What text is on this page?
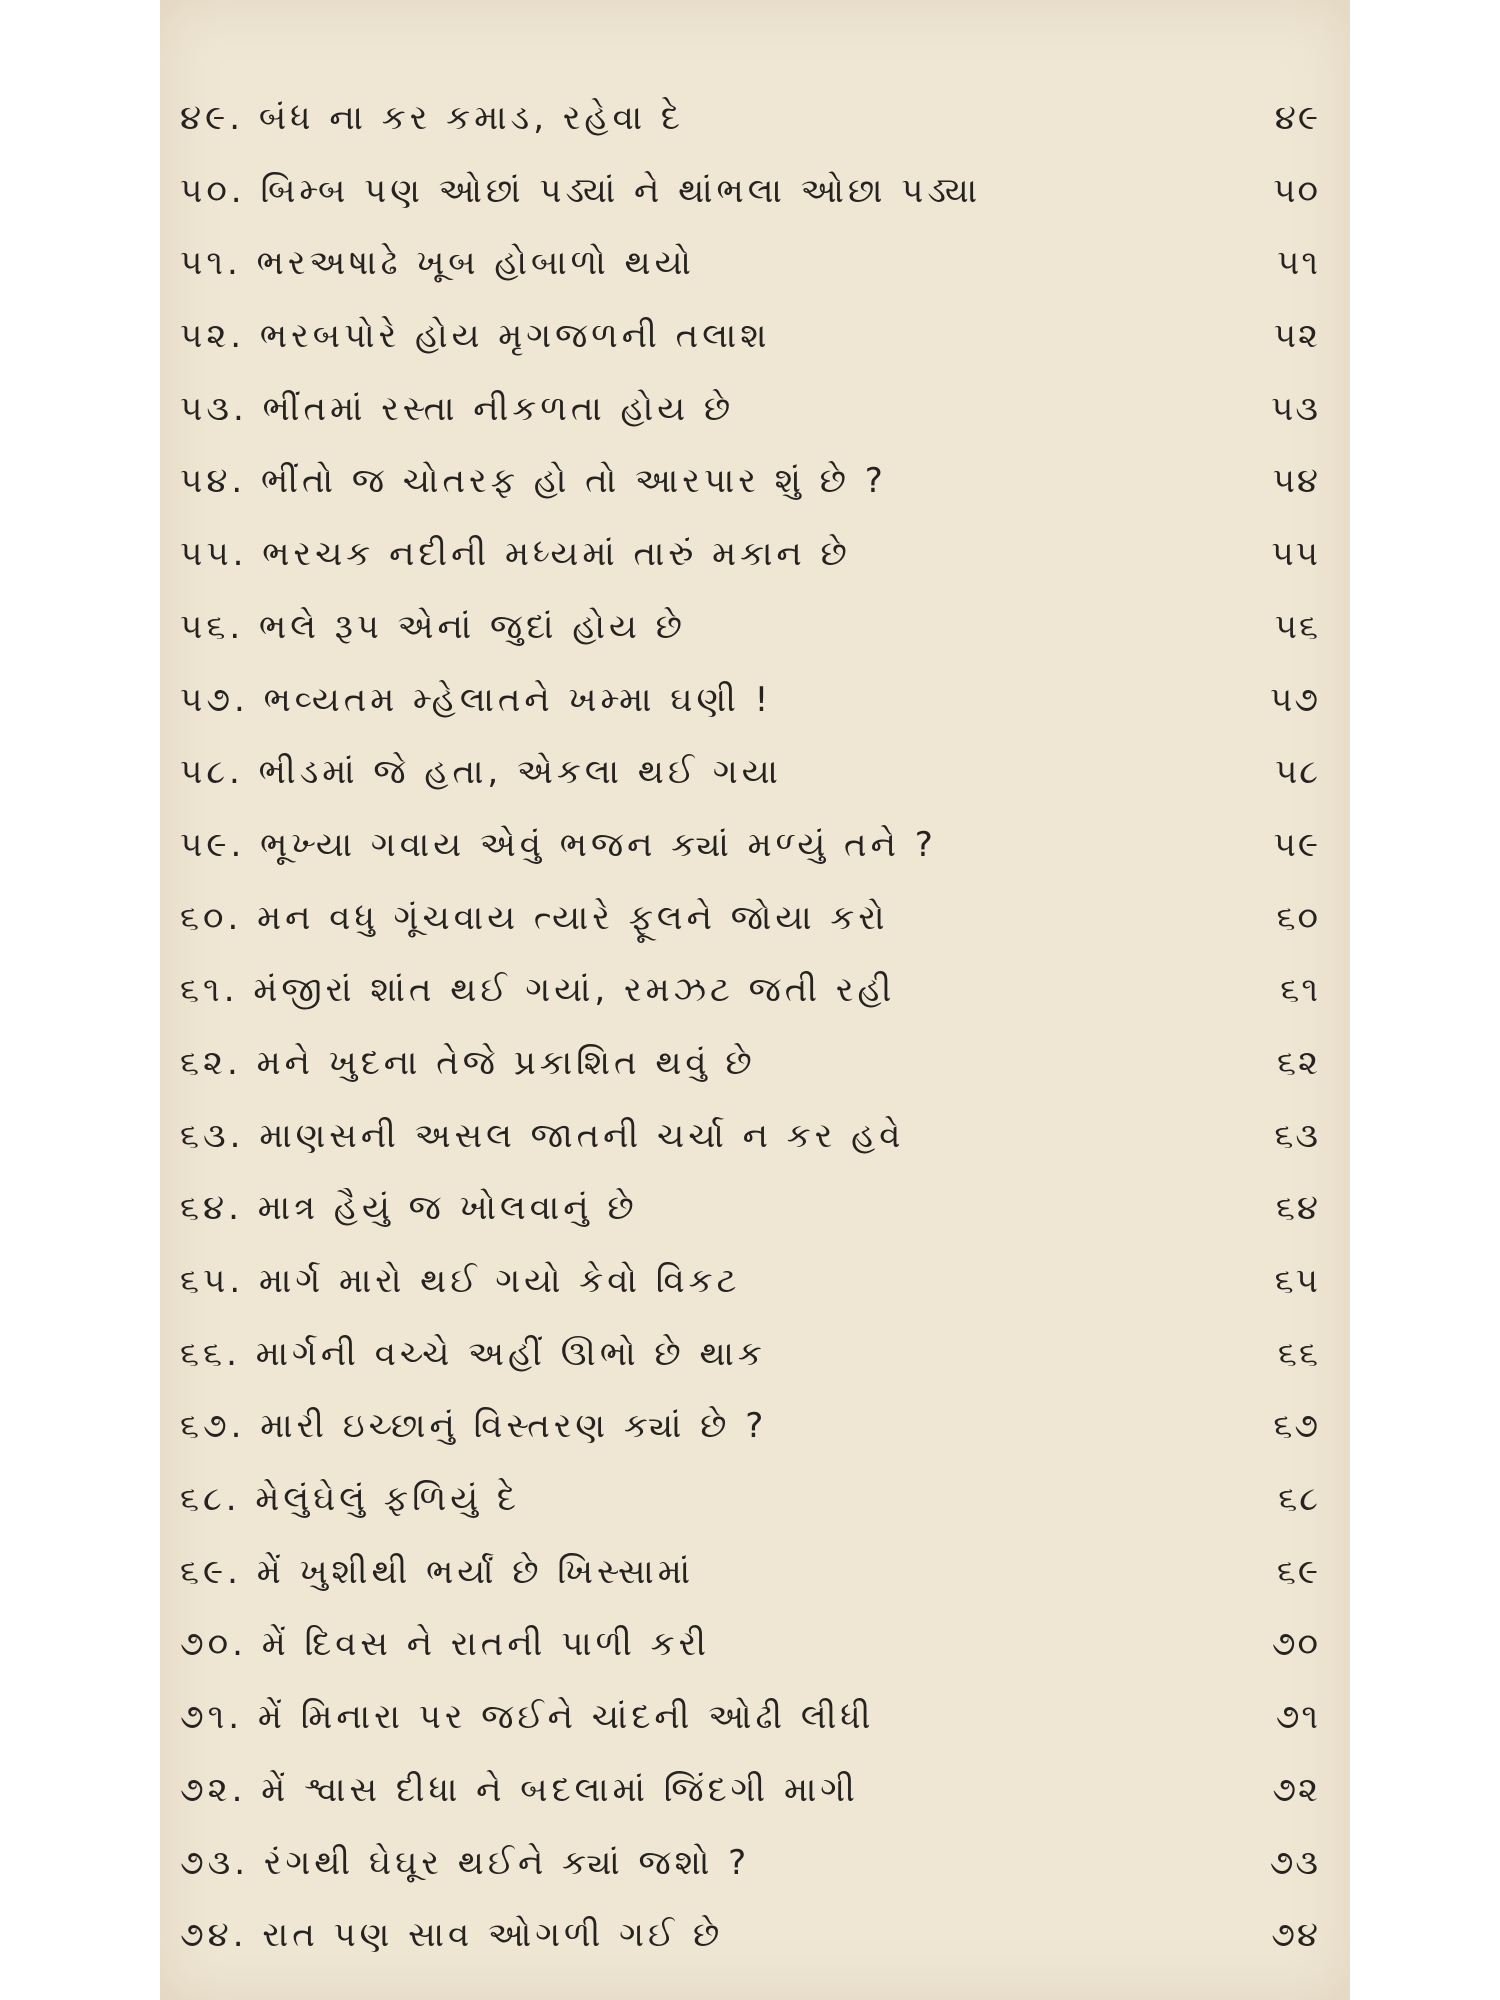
૪૯. બંધ ના કર કમાડ, રહેવા દે	૪૯
૫૦. બિમ્બ પણ ઓછાં પડ્યાં ને થાંભલા ઓછા પડ્યા	૫૦
૫૧. ભરઅષાઢે ખૂબ હોબાળો થયો	૫૧
૫૨. ભરબપોરે હોય મૃગજળની તલાશ	૫૨
૫૩. ભીંતમાં રસ્તા નીકળતા હોય છે	૫૩
૫૪. ભીંતો જ ચોતરફ હો તો આરપાર શું છે ?	૫૪
૫૫. ભરચક નદીની મધ્યમાં તારું મકાન છે	૫૫
૫૬. ભલે રૂપ એનાં જુદાં હોય છે	૫૬
૫૭. ભવ્યતમ મ્હેલાતને ખમ્મા ઘણી !	૫૭
૫૮. ભીડમાં જે હતા, એકલા થઈ ગયા	૫૮
૫૯. ભૂખ્યા ગવાય એવું ભજન ક્યાં મળ્યું તને ?	૫૯
૬૦. મન વધુ ગૂંચવાય ત્યારે ફૂલને જોયા કરો	૬૦
૬૧. મંજીરાં શાંત થઈ ગયાં, રમઝટ જતી રહી	૬૧
૬૨. મને ખુદના તેજે પ્રકાશિત થવું છે	૬૨
૬૩. માણસની અસલ જાતની ચર્ચા ન કર હવે	૬૩
૬૪. માત્ર હૈયું જ ખોલવાનું છે	૬૪
૬૫. માર્ગ મારો થઈ ગયો કેવો વિકટ	૬૫
૬૬. માર્ગની વચ્ચે અહીં ઊભો છે થાક	૬૬
૬૭. મારી ઇચ્છાનું વિસ્તરણ ક્યાં છે ?	૬૭
૬૮. મેલુંઘેલું ફળિયું દે	૬૮
૬૯. મેં ખુશીથી ભર્યાં છે ખિસ્સામાં	૬૯
૭૦. મેં દિવસ ને રાતની પાળી કરી	૭૦
૭૧. મેં મિનારા પર જઈને ચાંદની ઓઢી લીધી	૭૧
૭૨. મેં શ્વાસ દીધા ને બદલામાં જિંદગી માગી	૭૨
૭૩. રંગથી ઘેઘૂર થઈને ક્યાં જશો ?	૭૩
૭૪. રાત પણ સાવ ઓગળી ગઈ છે	૭૪
